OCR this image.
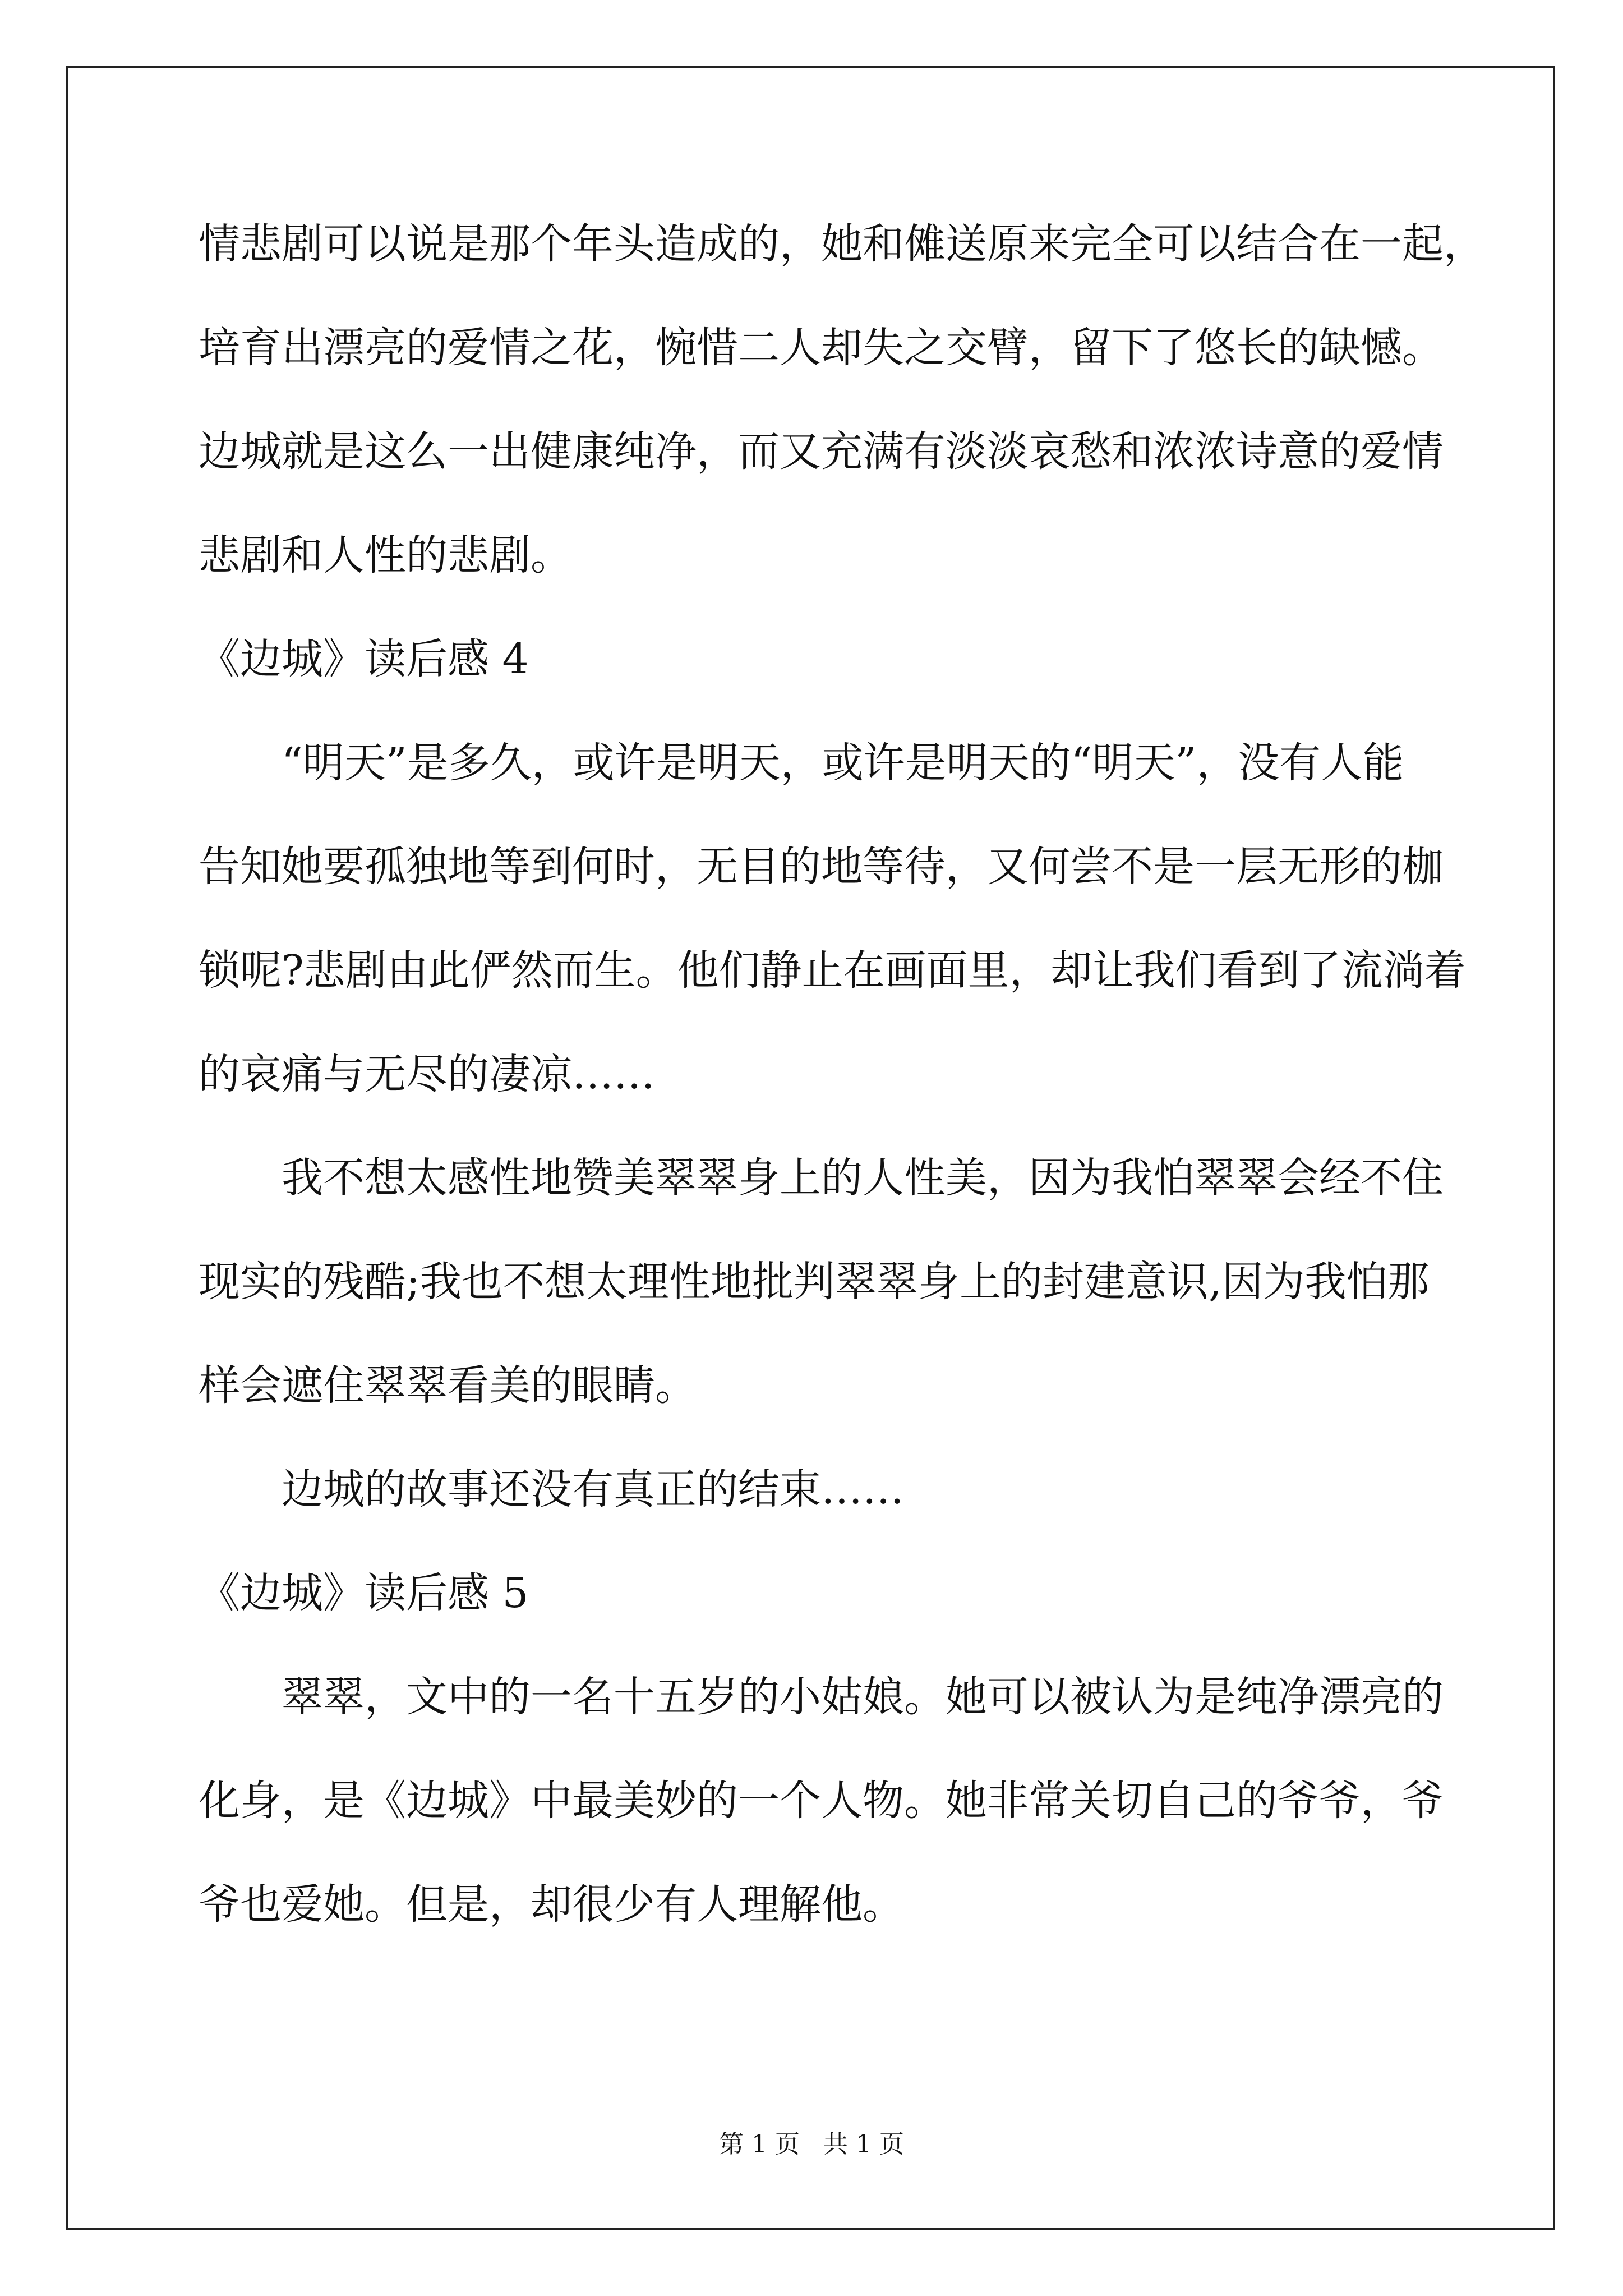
情悲剧可以说是那个年头造成的，她和傩送原来完全可以结合在一起，
培育出漂亮的爱情之花，惋惜二人却失之交臂，留下了悠长的缺憾。
边城就是这么一出健康纯净，而又充满有淡淡哀愁和浓浓诗意的爱情
悲剧和人性的悲剧。
《边城》读后感 4
“明天”是多久，或许是明天，或许是明天的“明天”，没有人能
告知她要孤独地等到何时，无目的地等待，又何尝不是一层无形的枷
锁呢?悲剧由此俨然而生。他们静止在画面里，却让我们看到了流淌着
的哀痛与无尽的凄凉……
我不想太感性地赞美翠翠身上的人性美，因为我怕翠翠会经不住
现实的残酷;我也不想太理性地批判翠翠身上的封建意识,因为我怕那
样会遮住翠翠看美的眼睛。
边城的故事还没有真正的结束……
《边城》读后感 5
翠翠，文中的一名十五岁的小姑娘。她可以被认为是纯净漂亮的
化身，是《边城》中最美妙的一个人物。她非常关切自己的爷爷，爷
爷也爱她。但是，却很少有人理解他。
第 1 页   共 1 页
